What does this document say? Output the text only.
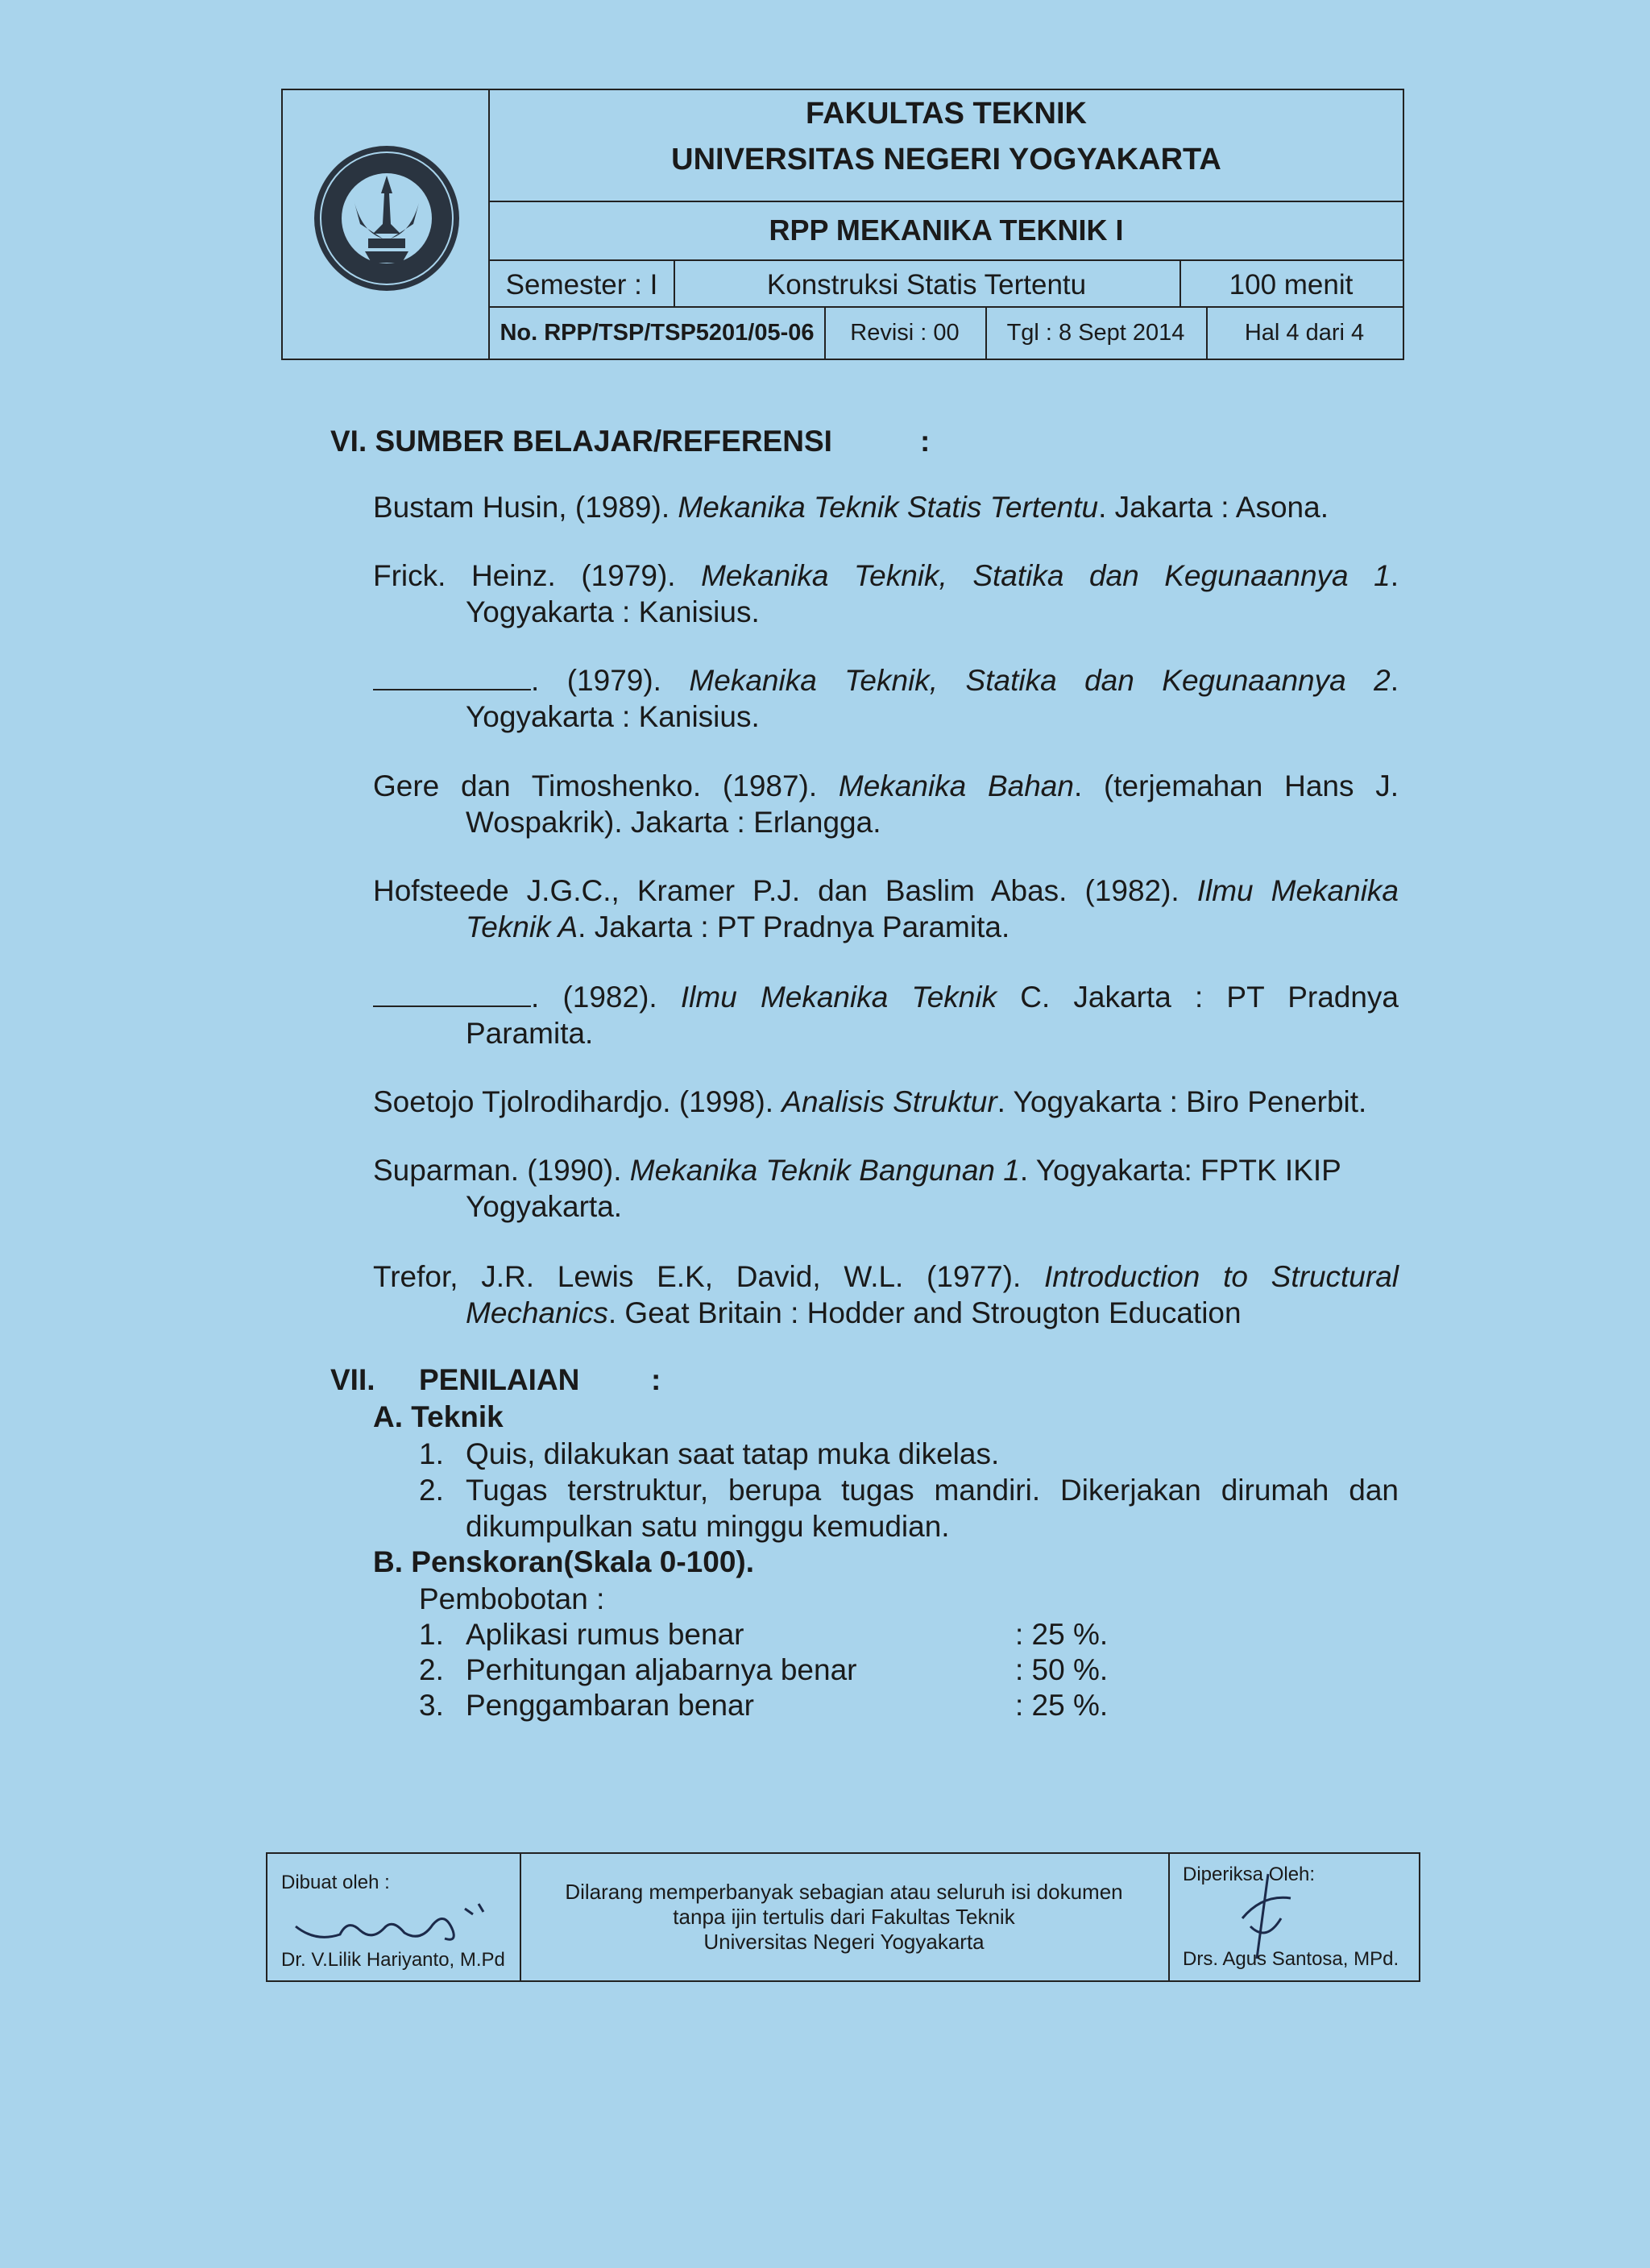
FAKULTAS TEKNIK
UNIVERSITAS NEGERI YOGYAKARTA
RPP MEKANIKA TEKNIK I
Semester : I	Konstruksi Statis Tertentu	100 menit
No. RPP/TSP/TSP5201/05-06	Revisi : 00	Tgl : 8 Sept 2014	Hal 4 dari 4
VI. SUMBER BELAJAR/REFERENSI	:
Bustam Husin, (1989). Mekanika Teknik Statis Tertentu. Jakarta : Asona.
Frick. Heinz. (1979). Mekanika Teknik, Statika dan Kegunaannya 1.
Yogyakarta : Kanisius.
. (1979). Mekanika Teknik, Statika dan Kegunaannya 2.
Yogyakarta : Kanisius.
Gere dan Timoshenko. (1987). Mekanika Bahan. (terjemahan Hans J.
Wospakrik). Jakarta : Erlangga.
Hofsteede J.G.C., Kramer P.J. dan Baslim Abas. (1982). Ilmu Mekanika
Teknik A. Jakarta : PT Pradnya Paramita.
. (1982). Ilmu Mekanika Teknik C. Jakarta : PT Pradnya
Paramita.
Soetojo Tjolrodihardjo. (1998). Analisis Struktur. Yogyakarta : Biro Penerbit.
Suparman. (1990). Mekanika Teknik Bangunan 1. Yogyakarta: FPTK IKIP
Yogyakarta.
Trefor, J.R. Lewis E.K, David, W.L. (1977). Introduction to Structural
Mechanics. Geat Britain : Hodder and Strougton Education
VII. PENILAIAN :
A. Teknik
1. Quis, dilakukan saat tatap muka dikelas.
2. Tugas terstruktur, berupa tugas mandiri. Dikerjakan dirumah dan
dikumpulkan satu minggu kemudian.
B. Penskoran(Skala 0-100).
Pembobotan :
1. Aplikasi rumus benar	: 25 %.
2. Perhitungan aljabarnya benar	: 50 %.
3. Penggambaran benar	: 25 %.
Dibuat oleh :
Dr. V.Lilik Hariyanto, M.Pd
Dilarang memperbanyak sebagian atau seluruh isi dokumen
tanpa ijin tertulis dari Fakultas Teknik
Universitas Negeri Yogyakarta
Diperiksa Oleh:
Drs. Agus Santosa, MPd.
